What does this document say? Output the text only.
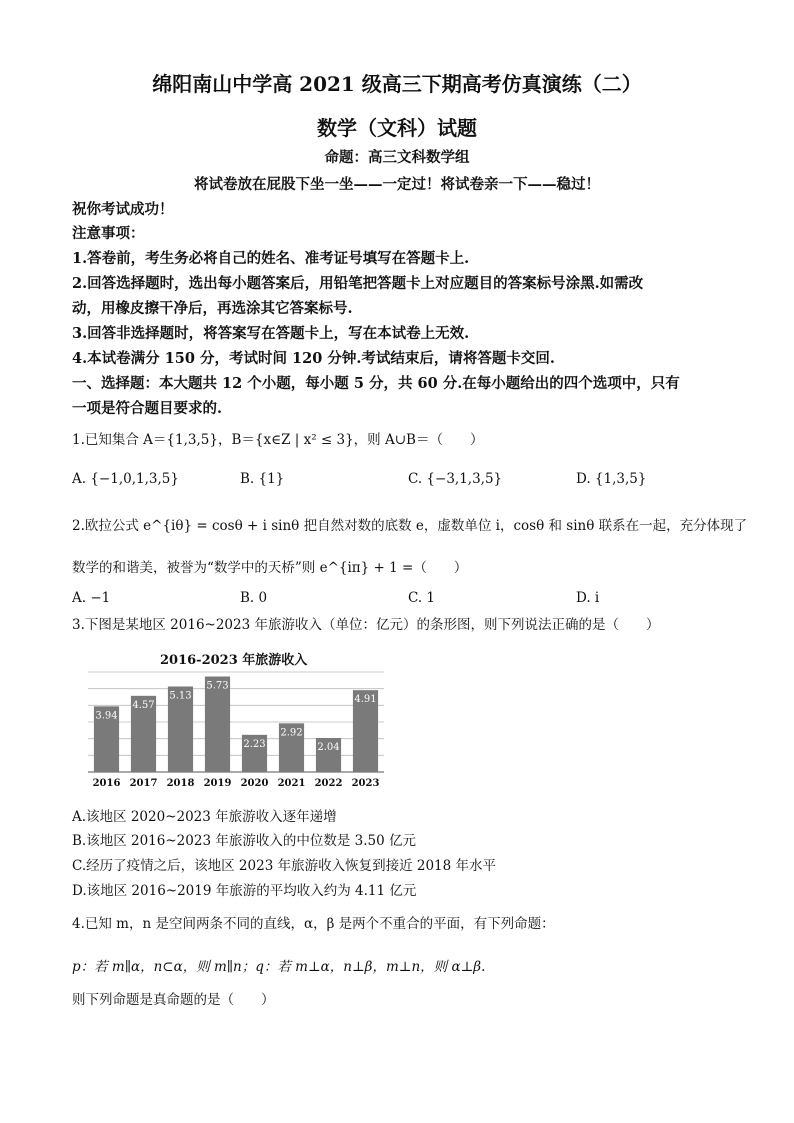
绵阳南山中学高 2021 级高三下期高考仿真演练（二）
数学（文科）试题
命题：高三文科数学组
将试卷放在屁股下坐一坐——一定过！将试卷亲一下——稳过！
祝你考试成功！
注意事项：
1.答卷前，考生务必将自己的姓名、准考证号填写在答题卡上.
2.回答选择题时，选出每小题答案后，用铅笔把答题卡上对应题目的答案标号涂黑.如需改
动，用橡皮擦干净后，再选涂其它答案标号.
3.回答非选择题时，将答案写在答题卡上，写在本试卷上无效.
4.本试卷满分 150 分，考试时间 120 分钟.考试结束后，请将答题卡交回.
一、选择题：本大题共 12 个小题，每小题 5 分，共 60 分.在每小题给出的四个选项中，只有
一项是符合题目要求的.
1.已知集合 A＝{1,3,5}，B＝{x∈Z | x² ≤ 3}，则 A∪B＝（　　）
A. {−1,0,1,3,5}	B. {1}	C. {−3,1,3,5}	D. {1,3,5}
2.欧拉公式 e^{iθ} = cosθ + i sinθ 把自然对数的底数 e，虚数单位 i，cosθ 和 sinθ 联系在一起，充分体现了
数学的和谐美，被誉为“数学中的天桥”则 e^{iπ} + 1 =（　　）
A. −1	B. 0	C. 1	D. i
3.下图是某地区 2016~2023 年旅游收入（单位：亿元）的条形图，则下列说法正确的是（　　）
2016-2023 年旅游收入
3.94
2016
4.57
2017
5.13
2018
5.73
2019
2.23
2020
2.92
2021
2.04
2022
4.91
2023
A.该地区 2020~2023 年旅游收入逐年递增
B.该地区 2016~2023 年旅游收入的中位数是 3.50 亿元
C.经历了疫情之后，该地区 2023 年旅游收入恢复到接近 2018 年水平
D.该地区 2016~2019 年旅游的平均收入约为 4.11 亿元
4.已知 m，n 是空间两条不同的直线，α，β 是两个不重合的平面，有下列命题：
p：若 m∥α，n⊂α，则 m∥n；q：若 m⊥α，n⊥β，m⊥n，则 α⊥β.
则下列命题是真命题的是（　　）
